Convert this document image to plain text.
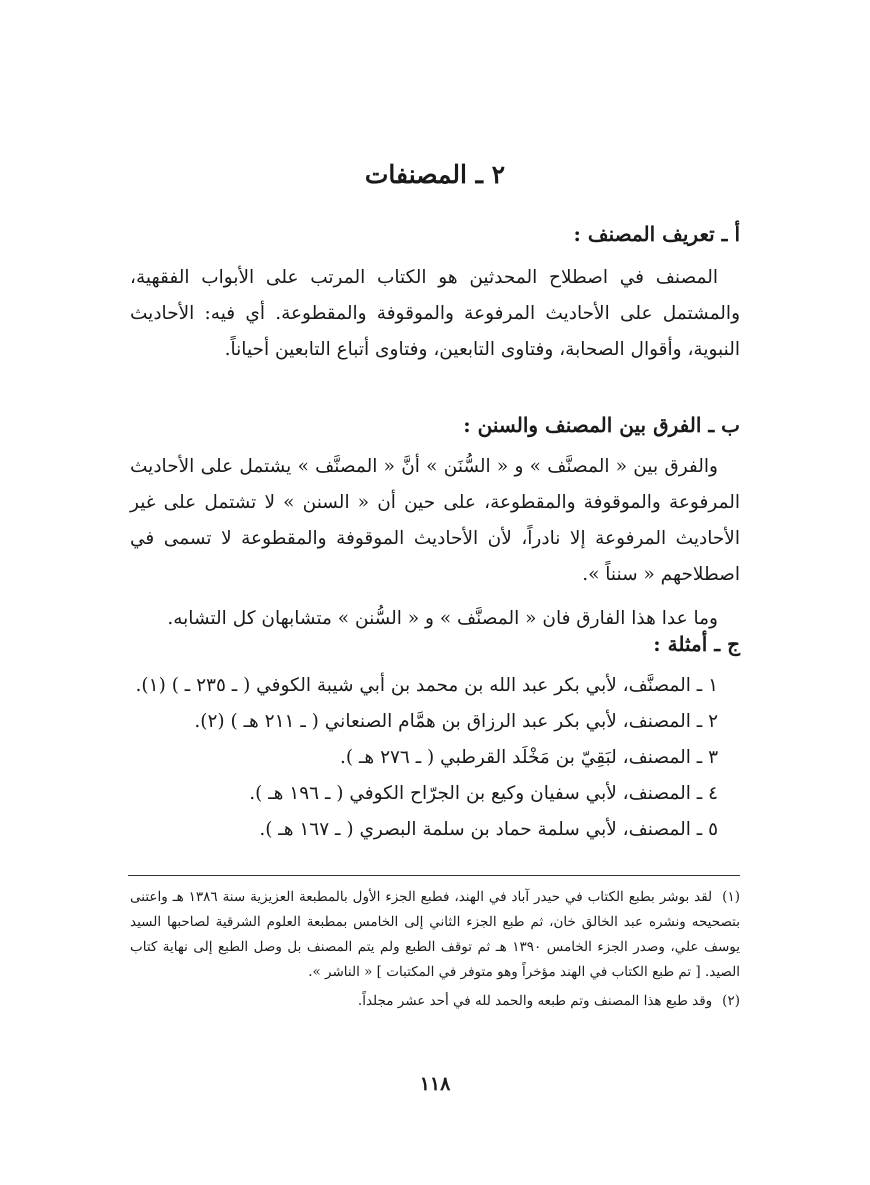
٢ ـ المصنفات
أ ـ تعريف المصنف :
المصنف في اصطلاح المحدثين هو الكتاب المرتب على الأبواب الفقهية، والمشتمل على الأحاديث المرفوعة والموقوفة والمقطوعة. أي فيه: الأحاديث النبوية، وأقوال الصحابة، وفتاوى التابعين، وفتاوى أتباع التابعين أحياناً.
ب ـ الفرق بين المصنف والسنن :
والفرق بين « المصنَّف » و « السُّنَن » أنَّ « المصنَّف » يشتمل على الأحاديث المرفوعة والموقوفة والمقطوعة، على حين أن « السنن » لا تشتمل على غير الأحاديث المرفوعة إلا نادراً، لأن الأحاديث الموقوفة والمقطوعة لا تسمى في اصطلاحهم « سنناً ».
وما عدا هذا الفارق فان « المصنَّف » و « السُّنن » متشابهان كل التشابه.
ج ـ أمثلة :
١ ـ المصنَّف، لأبي بكر عبد الله بن محمد بن أبي شيبة الكوفي ( ـ ٢٣٥ ـ ) (١).
٢ ـ المصنف، لأبي بكر عبد الرزاق بن همَّام الصنعاني ( ـ ٢١١ هـ ) (٢).
٣ ـ المصنف، لبَقِيّ بن مَخْلَد القرطبي ( ـ ٢٧٦ هـ ).
٤ ـ المصنف، لأبي سفيان وكيع بن الجرّاح الكوفي ( ـ ١٩٦ هـ ).
٥ ـ المصنف، لأبي سلمة حماد بن سلمة البصري ( ـ ١٦٧ هـ ).
(١)لقد بوشر بطبع الكتاب في حيدر آباد في الهند، فطبع الجزء الأول بالمطبعة العزيزية سنة ١٣٨٦ هـ واعتنى بتصحيحه ونشره عبد الخالق خان، ثم طبع الجزء الثاني إلى الخامس بمطبعة العلوم الشرقية لصاحبها السيد يوسف علي، وصدر الجزء الخامس ١٣٩٠ هـ ثم توقف الطبع ولم يتم المصنف بل وصل الطبع إلى نهاية كتاب الصيد. [ تم طبع الكتاب في الهند مؤخراً وهو متوفر في المكتبات ] « الناشر ».
(٢)وقد طبع هذا المصنف وتم طبعه والحمد لله في أحد عشر مجلداً.
١١٨
